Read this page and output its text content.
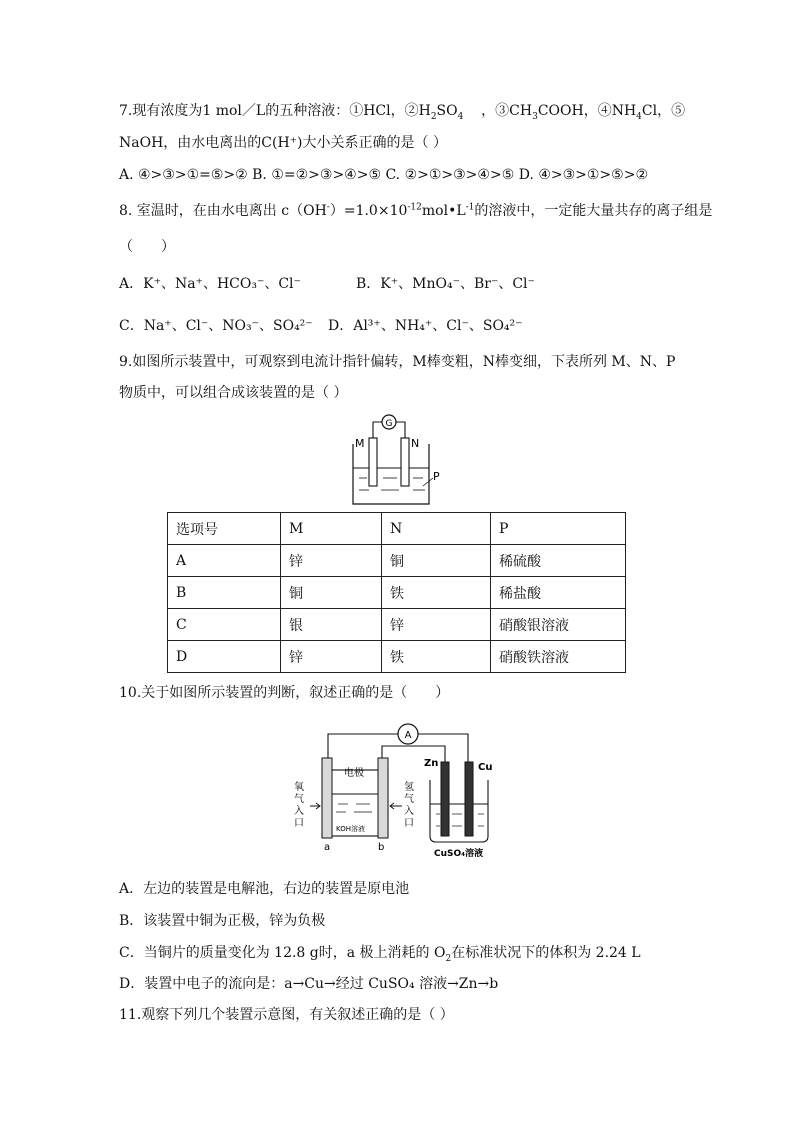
7.现有浓度为1 mol／L的五种溶液：①HCl，$②H_2SO_4$ ，$③CH_3COOH$，$④NH_4Cl$，⑤
NaOH，由水电离出的C(H⁺)大小关系正确的是（ ）
A. ④>③>①=⑤>② B. ①=②>③>④>⑤ C. ②>①>③>④>⑤ D. ④>③>①>⑤>②
8. 室温时，在由水电离出 $c(OH^-)=1.0\times 10^{-12}mol•L^{-1}$的溶液中，一定能大量共存的离子组是
（　　）
A．K⁺、Na⁺、HCO₃⁻、Cl⁻	B．K⁺、MnO₄⁻、Br⁻、Cl⁻
C．Na⁺、Cl⁻、NO₃⁻、SO₄²⁻ D．Al³⁺、NH₄⁺、Cl⁻、SO₄²⁻
9.如图所示装置中，可观察到电流计指针偏转，M棒变粗，N棒变细，下表所列 M、N、P
物质中，可以组合成该装置的是（ ）
G
M	N
P
选项号	M	N	P
A	锌	铜	稀硫酸
B	铜	铁	稀盐酸
C	银	锌	硝酸银溶液
D	锌	铁	硝酸铁溶液
10.关于如图所示装置的判断，叙述正确的是（　　）
A
电极
KOH溶液
氧气入口
氢气入口
a	b
Zn	Cu
CuSO₄溶液
A．左边的装置是电解池，右边的装置是原电池
B．该装置中铜为正极，锌为负极
C．当铜片的质量变化为 12.8 g时，a 极上消耗的 $O_2$在标准状况下的体积为 2.24 L
D．装置中电子的流向是：a→Cu→经过 CuSO₄ 溶液→Zn→b
11.观察下列几个装置示意图，有关叙述正确的是（ ）
